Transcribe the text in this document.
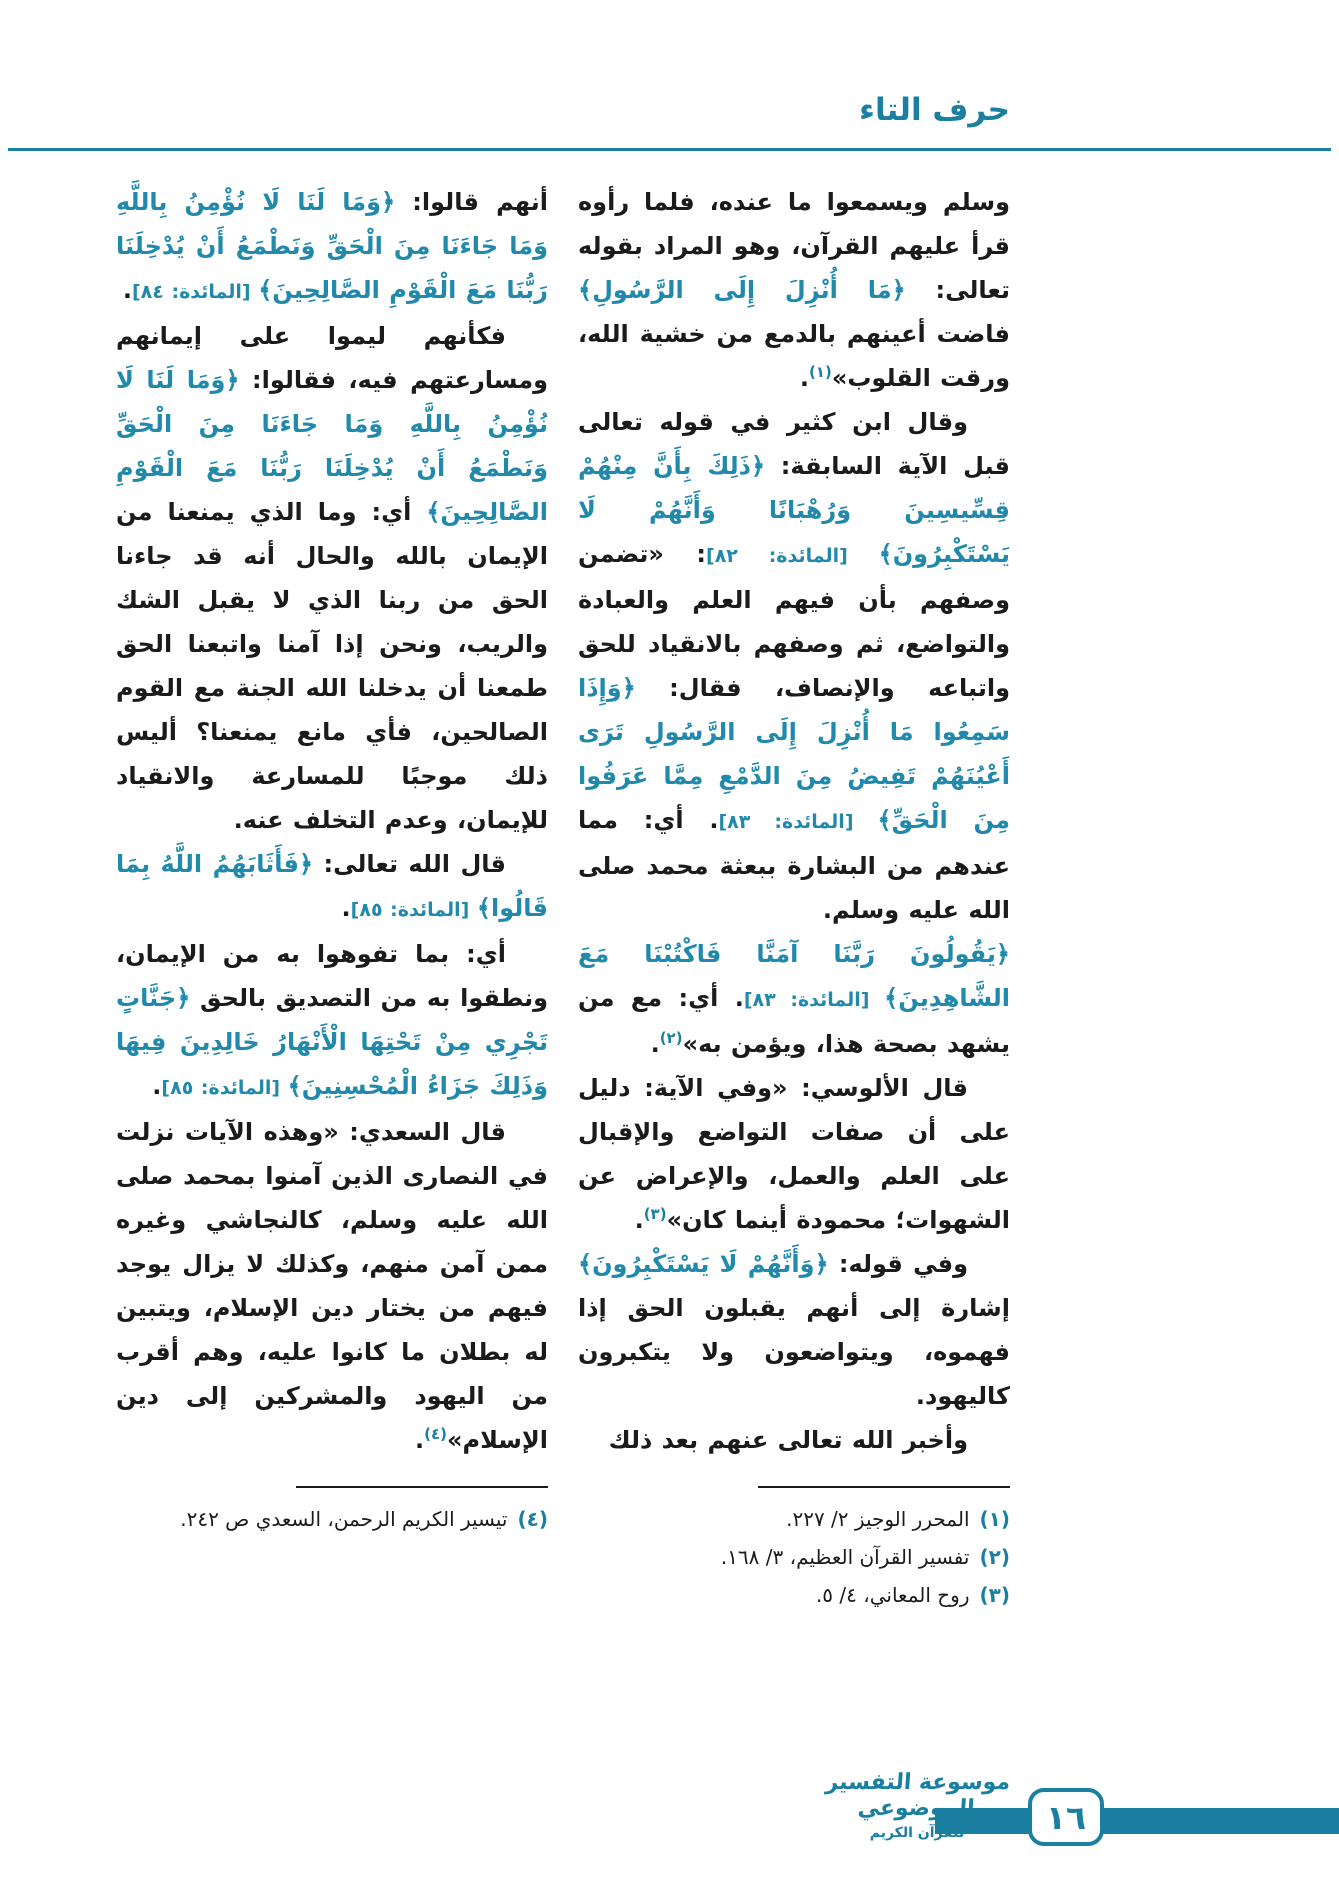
حرف التاء

وسلم ويسمعوا ما عنده، فلما رأوه قرأ عليهم القرآن، وهو المراد بقوله تعالى: ﴿مَا أُنْزِلَ إِلَى الرَّسُولِ﴾ فاضت أعينهم بالدمع من خشية الله، ورقت القلوب»$^{(١)}$.

وقال ابن كثير في قوله تعالى قبل الآية السابقة: ﴿ذَلِكَ بِأَنَّ مِنْهُمْ قِسِّيسِينَ وَرُهْبَانًا وَأَنَّهُمْ لَا يَسْتَكْبِرُونَ﴾ [المائدة: ٨٢]: «تضمن وصفهم بأن فيهم العلم والعبادة والتواضع، ثم وصفهم بالانقياد للحق واتباعه والإنصاف، فقال: ﴿وَإِذَا سَمِعُوا مَا أُنْزِلَ إِلَى الرَّسُولِ تَرَى أَعْيُنَهُمْ تَفِيضُ مِنَ الدَّمْعِ مِمَّا عَرَفُوا مِنَ الْحَقِّ﴾ [المائدة: ٨٣]. أي: مما عندهم من البشارة ببعثة محمد صلى الله عليه وسلم.

﴿يَقُولُونَ رَبَّنَا آمَنَّا فَاكْتُبْنَا مَعَ الشَّاهِدِينَ﴾ [المائدة: ٨٣]. أي: مع من يشهد بصحة هذا، ويؤمن به»$^{(٢)}$.

قال الألوسي: «وفي الآية: دليل على أن صفات التواضع والإقبال على العلم والعمل، والإعراض عن الشهوات؛ محمودة أينما كان»$^{(٣)}$.

وفي قوله: ﴿وَأَنَّهُمْ لَا يَسْتَكْبِرُونَ﴾ إشارة إلى أنهم يقبلون الحق إذا فهموه، ويتواضعون ولا يتكبرون كاليهود.

وأخبر الله تعالى عنهم بعد ذلك

(١)
المحرر الوجيز ٢/ ٢٢٧.
(٢)
تفسير القرآن العظيم، ٣/ ١٦٨.
(٣)
روح المعاني، ٤/ ٥.

أنهم قالوا: ﴿وَمَا لَنَا لَا نُؤْمِنُ بِاللَّهِ وَمَا جَاءَنَا مِنَ الْحَقِّ وَنَطْمَعُ أَنْ يُدْخِلَنَا رَبُّنَا مَعَ الْقَوْمِ الصَّالِحِينَ﴾ [المائدة: ٨٤].

فكأنهم ليموا على إيمانهم ومسارعتهم فيه، فقالوا: ﴿وَمَا لَنَا لَا نُؤْمِنُ بِاللَّهِ وَمَا جَاءَنَا مِنَ الْحَقِّ وَنَطْمَعُ أَنْ يُدْخِلَنَا رَبُّنَا مَعَ الْقَوْمِ الصَّالِحِينَ﴾ أي: وما الذي يمنعنا من الإيمان بالله والحال أنه قد جاءنا الحق من ربنا الذي لا يقبل الشك والريب، ونحن إذا آمنا واتبعنا الحق طمعنا أن يدخلنا الله الجنة مع القوم الصالحين، فأي مانع يمنعنا؟ أليس ذلك موجبًا للمسارعة والانقياد للإيمان، وعدم التخلف عنه.

قال الله تعالى: ﴿فَأَثَابَهُمُ اللَّهُ بِمَا قَالُوا﴾ [المائدة: ٨٥].

أي: بما تفوهوا به من الإيمان، ونطقوا به من التصديق بالحق ﴿جَنَّاتٍ تَجْرِي مِنْ تَحْتِهَا الْأَنْهَارُ خَالِدِينَ فِيهَا وَذَلِكَ جَزَاءُ الْمُحْسِنِينَ﴾ [المائدة: ٨٥].

قال السعدي: «وهذه الآيات نزلت في النصارى الذين آمنوا بمحمد صلى الله عليه وسلم، كالنجاشي وغيره ممن آمن منهم، وكذلك لا يزال يوجد فيهم من يختار دين الإسلام، ويتبين له بطلان ما كانوا عليه، وهم أقرب من اليهود والمشركين إلى دين الإسلام»$^{(٤)}$.

(٤)
تيسير الكريم الرحمن، السعدي ص ٢٤٢.
موسوعة التفسير الموضوعي
للقرآن الكريم	١٦
